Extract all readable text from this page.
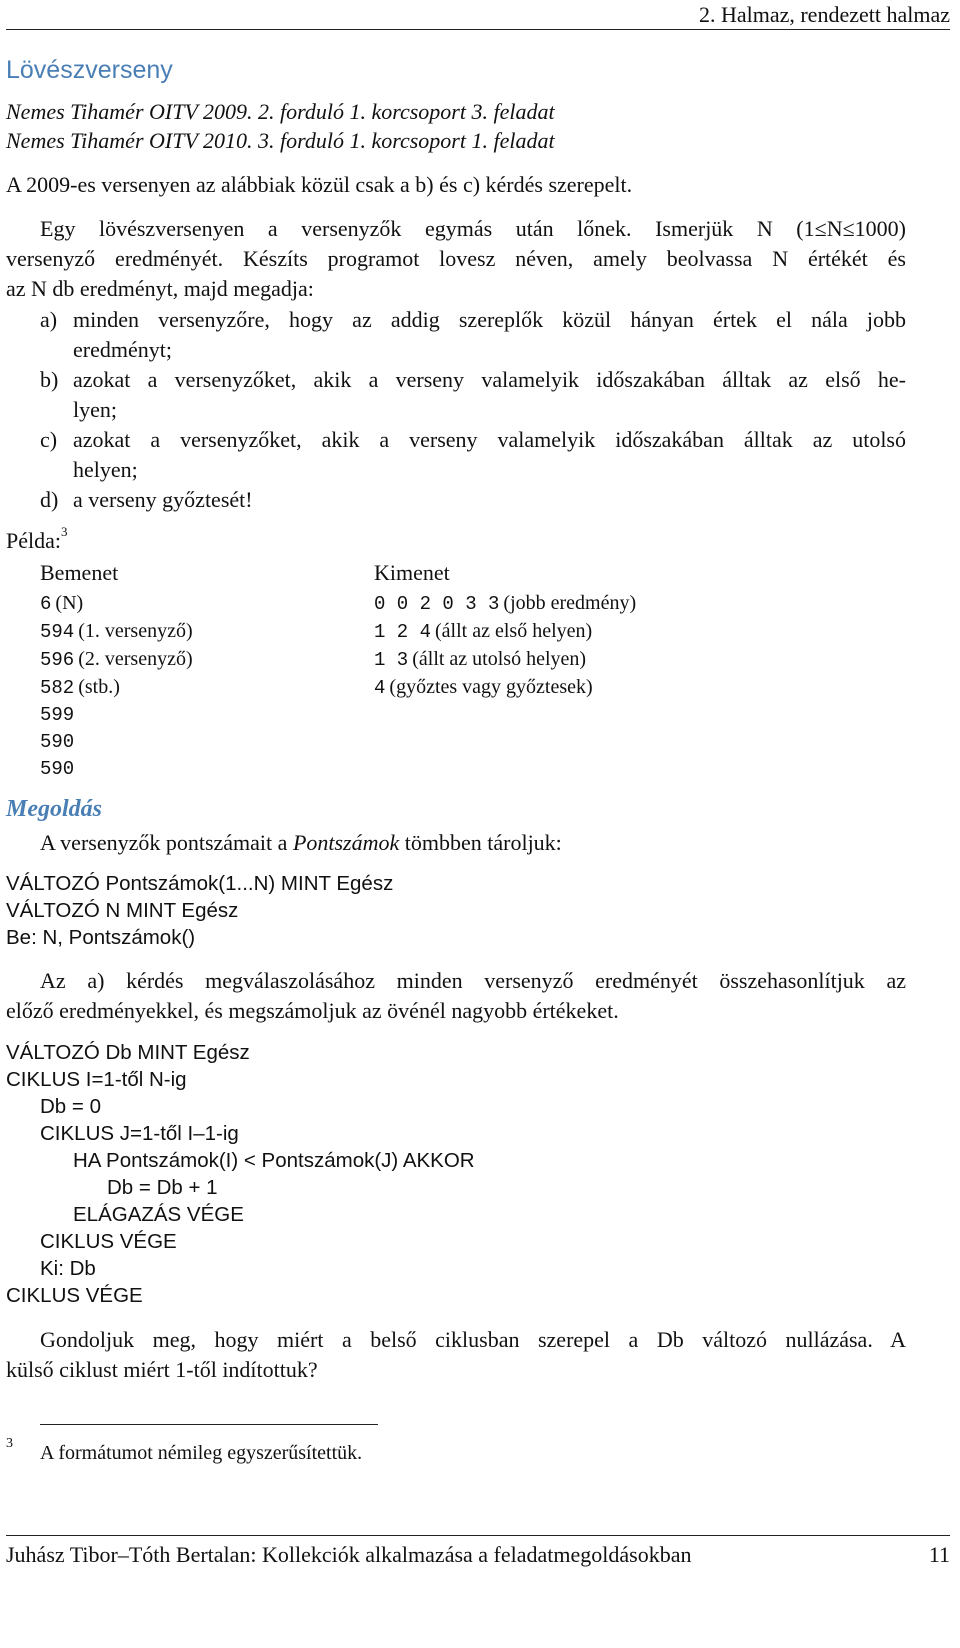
2. Halmaz, rendezett halmaz
Lövészverseny
Nemes Tihamér OITV 2009. 2. forduló 1. korcsoport 3. feladat
Nemes Tihamér OITV 2010. 3. forduló 1. korcsoport 1. feladat
A 2009-es versenyen az alábbiak közül csak a b) és c) kérdés szerepelt.
Egy lövészversenyen a versenyzők egymás után lőnek. Ismerjük N (1≤N≤1000)
versenyző eredményét. Készíts programot lovesz néven, amely beolvassa N értékét és
az N db eredményt, majd megadja:
a) minden versenyzőre, hogy az addig szereplők közül hányan értek el nála jobb
eredményt;
b) azokat a versenyzőket, akik a verseny valamelyik időszakában álltak az első he-
lyen;
c) azokat a versenyzőket, akik a verseny valamelyik időszakában álltak az utolsó
helyen;
d) a verseny győztesét!
Példa:$^3$
Bemenet	Kimenet
6 (N)
594 (1. versenyző)
596 (2. versenyző)
582 (stb.)
599
590
590
0 0 2 0 3 3 (jobb eredmény)
1 2 4 (állt az első helyen)
1 3 (állt az utolsó helyen)
4 (győztes vagy győztesek)
Megoldás
A versenyzők pontszámait a Pontszámok tömbben tároljuk:
VÁLTOZÓ Pontszámok(1...N) MINT Egész
VÁLTOZÓ N MINT Egész
Be: N, Pontszámok()
Az a) kérdés megválaszolásához minden versenyző eredményét összehasonlítjuk az
előző eredményekkel, és megszámoljuk az övénél nagyobb értékeket.
VÁLTOZÓ Db MINT Egész
CIKLUS I=1-től N-ig
Db = 0
CIKLUS J=1-től I–1-ig
HA Pontszámok(I) < Pontszámok(J) AKKOR
Db = Db + 1
ELÁGAZÁS VÉGE
CIKLUS VÉGE
Ki: Db
CIKLUS VÉGE
Gondoljuk meg, hogy miért a belső ciklusban szerepel a Db változó nullázása. A
külső ciklust miért 1-től indítottuk?
3 A formátumot némileg egyszerűsítettük.
Juhász Tibor–Tóth Bertalan: Kollekciók alkalmazása a feladatmegoldásokban	11
